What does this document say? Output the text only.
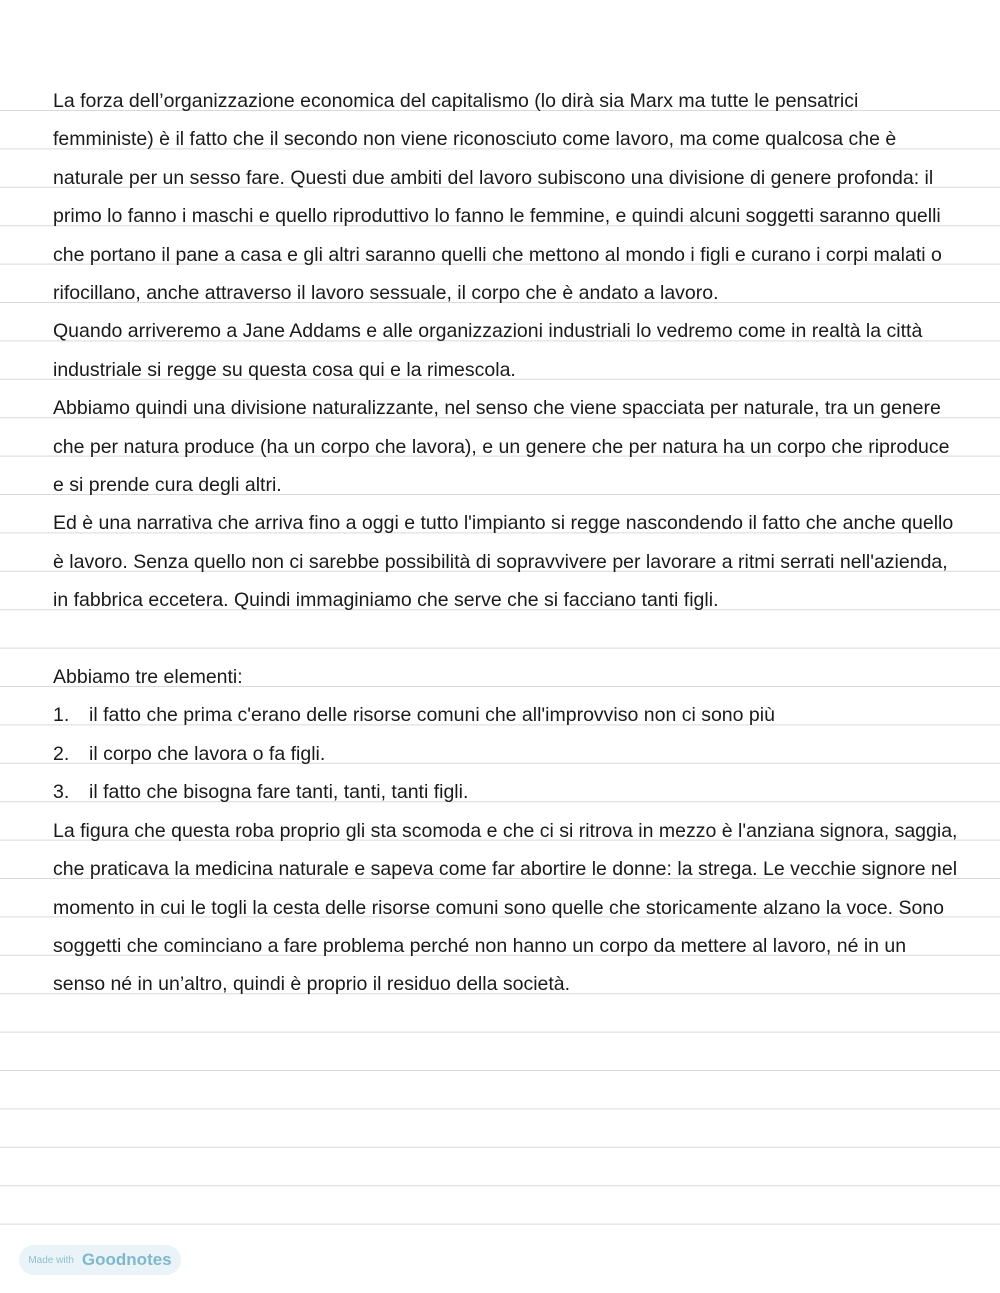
La forza dell’organizzazione economica del capitalismo (lo dirà sia Marx ma tutte le pensatrici femministe) è il fatto che il secondo non viene riconosciuto come lavoro, ma come qualcosa che è naturale per un sesso fare. Questi due ambiti del lavoro subiscono una divisione di genere profonda: il primo lo fanno i maschi e quello riproduttivo lo fanno le femmine, e quindi alcuni soggetti saranno quelli che portano il pane a casa e gli altri saranno quelli che mettono al mondo i figli e curano i corpi malati o rifocillano, anche attraverso il lavoro sessuale, il corpo che è andato a lavoro.

Quando arriveremo a Jane Addams e alle organizzazioni industriali lo vedremo come in realtà la città industriale si regge su questa cosa qui e la rimescola.

Abbiamo quindi una divisione naturalizzante, nel senso che viene spacciata per naturale, tra un genere che per natura produce (ha un corpo che lavora), e un genere che per natura ha un corpo che riproduce e si prende cura degli altri.

Ed è una narrativa che arriva fino a oggi e tutto l'impianto si regge nascondendo il fatto che anche quello è lavoro. Senza quello non ci sarebbe possibilità di sopravvivere per lavorare a ritmi serrati nell'azienda, in fabbrica eccetera. Quindi immaginiamo che serve che si facciano tanti figli.

Abbiamo tre elementi:

1.	il fatto che prima c'erano delle risorse comuni che all'improvviso non ci sono più
2.	il corpo che lavora o fa figli.
3.	il fatto che bisogna fare tanti, tanti, tanti figli.

La figura che questa roba proprio gli sta scomoda e che ci si ritrova in mezzo è l'anziana signora, saggia, che praticava la medicina naturale e sapeva come far abortire le donne: la strega. Le vecchie signore nel momento in cui le togli la cesta delle risorse comuni sono quelle che storicamente alzano la voce. Sono soggetti che cominciano a fare problema perché non hanno un corpo da mettere al lavoro, né in un senso né in un’altro, quindi è proprio il residuo della società.

Made with Goodnotes
